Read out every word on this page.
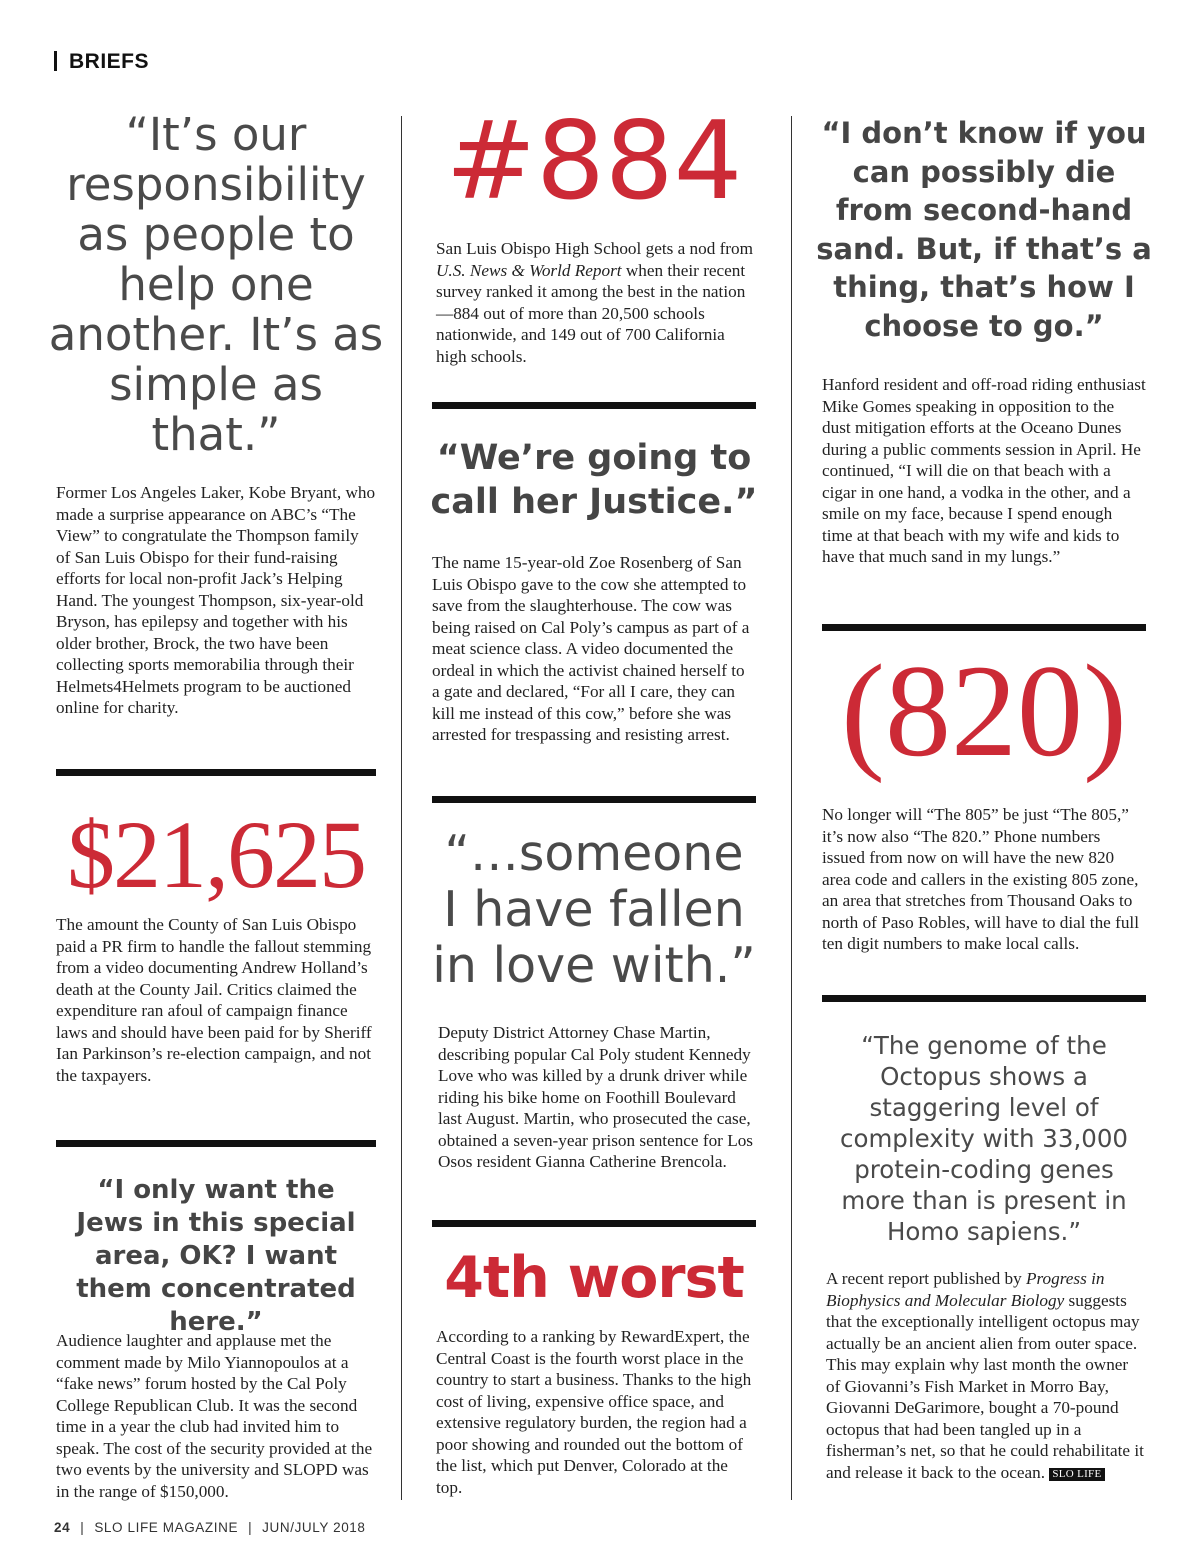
BRIEFS
“It’s our responsibility as people to help one another. It’s as simple as that.”
Former Los Angeles Laker, Kobe Bryant, who made a surprise appearance on ABC’s “The View” to congratulate the Thompson family of San Luis Obispo for their fund-raising efforts for local non-profit Jack’s Helping Hand. The youngest Thompson, six-year-old Bryson, has epilepsy and together with his older brother, Brock, the two have been collecting sports memorabilia through their Helmets4Helmets program to be auctioned online for charity.
$21,625
The amount the County of San Luis Obispo paid a PR firm to handle the fallout stemming from a video documenting Andrew Holland’s death at the County Jail. Critics claimed the expenditure ran afoul of campaign finance laws and should have been paid for by Sheriff Ian Parkinson’s re-election campaign, and not the taxpayers.
“I only want the Jews in this special area, OK? I want them concentrated here.”
Audience laughter and applause met the comment made by Milo Yiannopoulos at a “fake news” forum hosted by the Cal Poly College Republican Club. It was the second time in a year the club had invited him to speak. The cost of the security provided at the two events by the university and SLOPD was in the range of $150,000.
#884
San Luis Obispo High School gets a nod from U.S. News & World Report when their recent survey ranked it among the best in the nation—884 out of more than 20,500 schools nationwide, and 149 out of 700 California high schools.
“We’re going to call her Justice.”
The name 15-year-old Zoe Rosenberg of San Luis Obispo gave to the cow she attempted to save from the slaughterhouse. The cow was being raised on Cal Poly’s campus as part of a meat science class. A video documented the ordeal in which the activist chained herself to a gate and declared, “For all I care, they can kill me instead of this cow,” before she was arrested for trespassing and resisting arrest.
“…someone I have fallen in love with.”
Deputy District Attorney Chase Martin, describing popular Cal Poly student Kennedy Love who was killed by a drunk driver while riding his bike home on Foothill Boulevard last August. Martin, who prosecuted the case, obtained a seven-year prison sentence for Los Osos resident Gianna Catherine Brencola.
4th worst
According to a ranking by RewardExpert, the Central Coast is the fourth worst place in the country to start a business. Thanks to the high cost of living, expensive office space, and extensive regulatory burden, the region had a poor showing and rounded out the bottom of the list, which put Denver, Colorado at the top.
“I don’t know if you can possibly die from second-hand sand. But, if that’s a thing, that’s how I choose to go.”
Hanford resident and off-road riding enthusiast Mike Gomes speaking in opposition to the dust mitigation efforts at the Oceano Dunes during a public comments session in April. He continued, “I will die on that beach with a cigar in one hand, a vodka in the other, and a smile on my face, because I spend enough time at that beach with my wife and kids to have that much sand in my lungs.”
(820)
No longer will “The 805” be just “The 805,” it’s now also “The 820.” Phone numbers issued from now on will have the new 820 area code and callers in the existing 805 zone, an area that stretches from Thousand Oaks to north of Paso Robles, will have to dial the full ten digit numbers to make local calls.
“The genome of the Octopus shows a staggering level of complexity with 33,000 protein-coding genes more than is present in Homo sapiens.”
A recent report published by Progress in Biophysics and Molecular Biology suggests that the exceptionally intelligent octopus may actually be an ancient alien from outer space. This may explain why last month the owner of Giovanni’s Fish Market in Morro Bay, Giovanni DeGarimore, bought a 70-pound octopus that had been tangled up in a fisherman’s net, so that he could rehabilitate it and release it back to the ocean. SLO LIFE
24 | SLO LIFE MAGAZINE | JUN/JULY 2018
